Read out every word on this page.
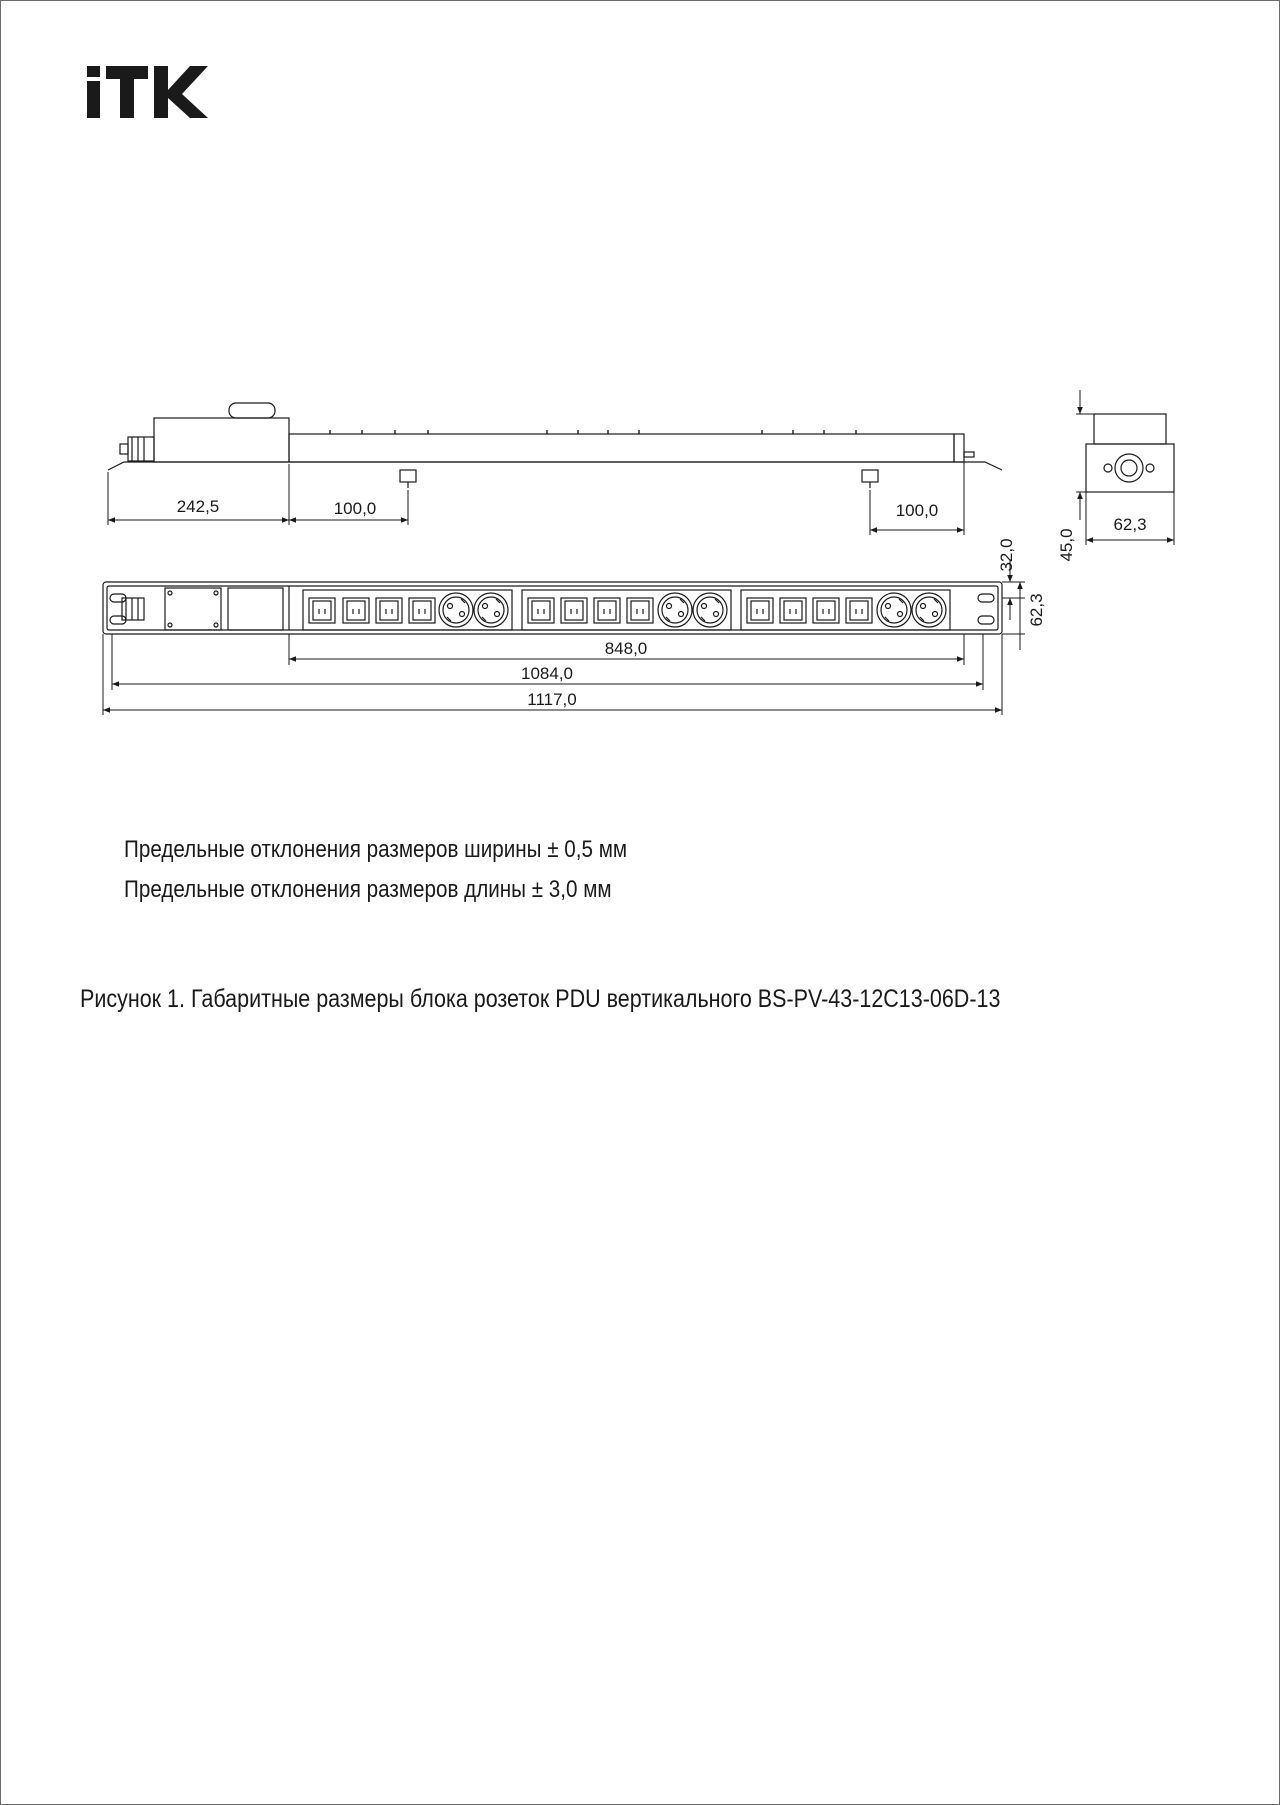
242,5	100,0	100,0
848,0
1084,0
1117,0
62,3
32,0
62,3
45,0
Предельные отклонения размеров ширины ± 0,5 мм
Предельные отклонения размеров длины ± 3,0 мм
Рисунок 1. Габаритные размеры блока розеток PDU вертикального BS-PV-43-12C13-06D-13
